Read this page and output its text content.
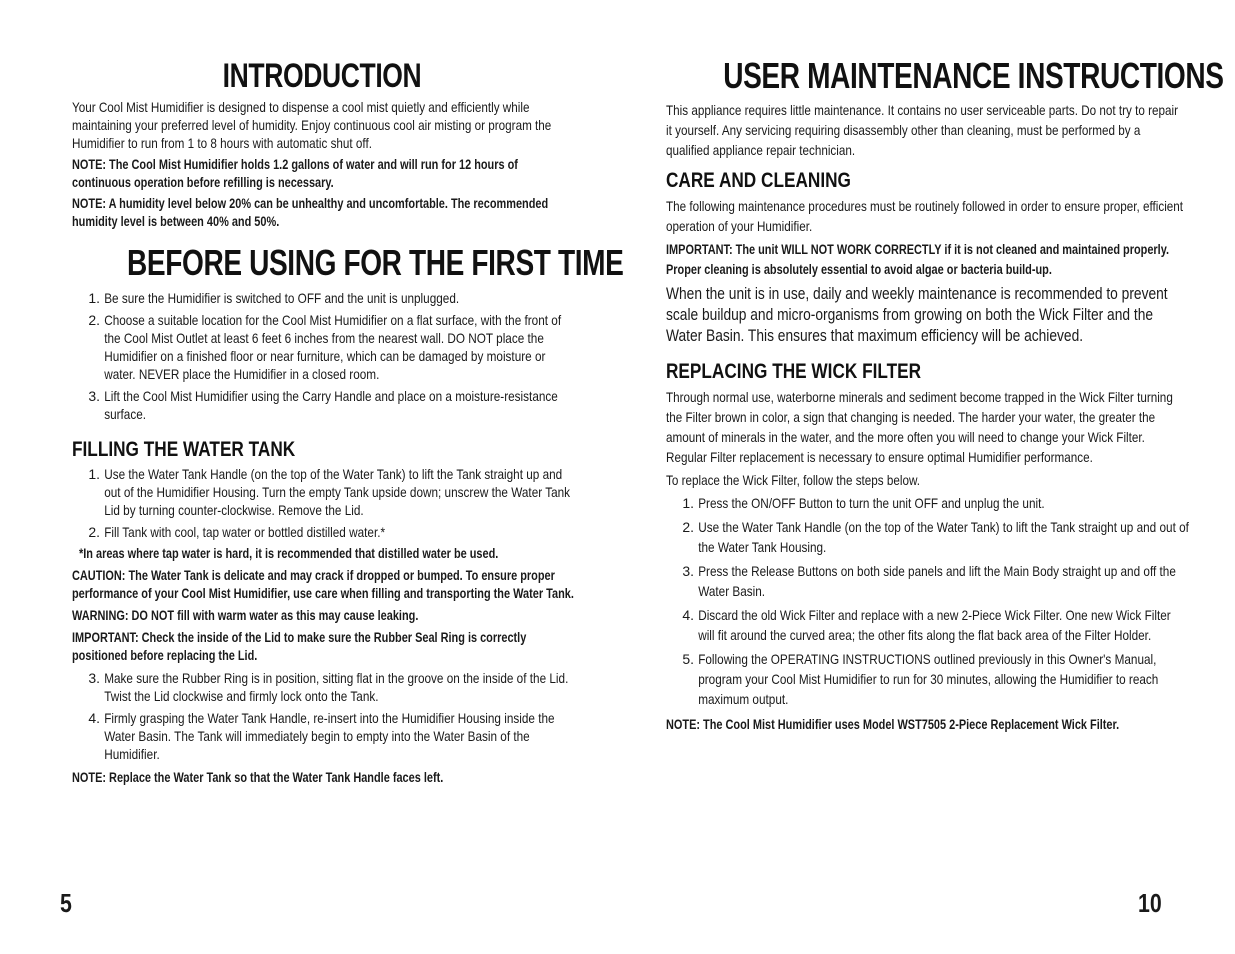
INTRODUCTION

Your Cool Mist Humidifier is designed to dispense a cool mist quietly and efficiently while maintaining your preferred level of humidity. Enjoy continuous cool air misting or program the Humidifier to run from 1 to 8 hours with automatic shut off.

NOTE: The Cool Mist Humidifier holds 1.2 gallons of water and will run for 12 hours of continuous operation before refilling is necessary.
NOTE: A humidity level below 20% can be unhealthy and uncomfortable. The recommended humidity level is between 40% and 50%.
BEFORE USING FOR THE FIRST TIME
1. Be sure the Humidifier is switched to OFF and the unit is unplugged.
2. Choose a suitable location for the Cool Mist Humidifier on a flat surface, with the front of the Cool Mist Outlet at least 6 feet 6 inches from the nearest wall. DO NOT place the Humidifier on a finished floor or near furniture, which can be damaged by moisture or water. NEVER place the Humidifier in a closed room.
3. Lift the Cool Mist Humidifier using the Carry Handle and place on a moisture-resistance surface.
FILLING THE WATER TANK
1. Use the Water Tank Handle (on the top of the Water Tank) to lift the Tank straight up and out of the Humidifier Housing. Turn the empty Tank upside down; unscrew the Water Tank Lid by turning counter-clockwise. Remove the Lid.
2. Fill Tank with cool, tap water or bottled distilled water.*
*In areas where tap water is hard, it is recommended that distilled water be used.
CAUTION: The Water Tank is delicate and may crack if dropped or bumped. To ensure proper performance of your Cool Mist Humidifier, use care when filling and transporting the Water Tank.
WARNING: DO NOT fill with warm water as this may cause leaking.
IMPORTANT: Check the inside of the Lid to make sure the Rubber Seal Ring is correctly positioned before replacing the Lid.
3. Make sure the Rubber Ring is in position, sitting flat in the groove on the inside of the Lid. Twist the Lid clockwise and firmly lock onto the Tank.
4. Firmly grasping the Water Tank Handle, re-insert into the Humidifier Housing inside the Water Basin. The Tank will immediately begin to empty into the Water Basin of the Humidifier.
NOTE: Replace the Water Tank so that the Water Tank Handle faces left.
5
USER MAINTENANCE INSTRUCTIONS

This appliance requires little maintenance. It contains no user serviceable parts. Do not try to repair it yourself. Any servicing requiring disassembly other than cleaning, must be performed by a qualified appliance repair technician.

CARE AND CLEANING

The following maintenance procedures must be routinely followed in order to ensure proper, efficient operation of your Humidifier.

IMPORTANT: The unit WILL NOT WORK CORRECTLY if it is not cleaned and maintained properly. Proper cleaning is absolutely essential to avoid algae or bacteria build-up.

When the unit is in use, daily and weekly maintenance is recommended to prevent scale buildup and micro-organisms from growing on both the Wick Filter and the Water Basin. This ensures that maximum efficiency will be achieved.

REPLACING THE WICK FILTER

Through normal use, waterborne minerals and sediment become trapped in the Wick Filter turning the Filter brown in color, a sign that changing is needed. The harder your water, the greater the amount of minerals in the water, and the more often you will need to change your Wick Filter. Regular Filter replacement is necessary to ensure optimal Humidifier performance.

To replace the Wick Filter, follow the steps below.

1. Press the ON/OFF Button to turn the unit OFF and unplug the unit.
2. Use the Water Tank Handle (on the top of the Water Tank) to lift the Tank straight up and out of the Water Tank Housing.
3. Press the Release Buttons on both side panels and lift the Main Body straight up and off the Water Basin.
4. Discard the old Wick Filter and replace with a new 2-Piece Wick Filter. One new Wick Filter will fit around the curved area; the other fits along the flat back area of the Filter Holder.
5. Following the OPERATING INSTRUCTIONS outlined previously in this Owner's Manual, program your Cool Mist Humidifier to run for 30 minutes, allowing the Humidifier to reach maximum output.
NOTE: The Cool Mist Humidifier uses Model WST7505 2-Piece Replacement Wick Filter.
10
